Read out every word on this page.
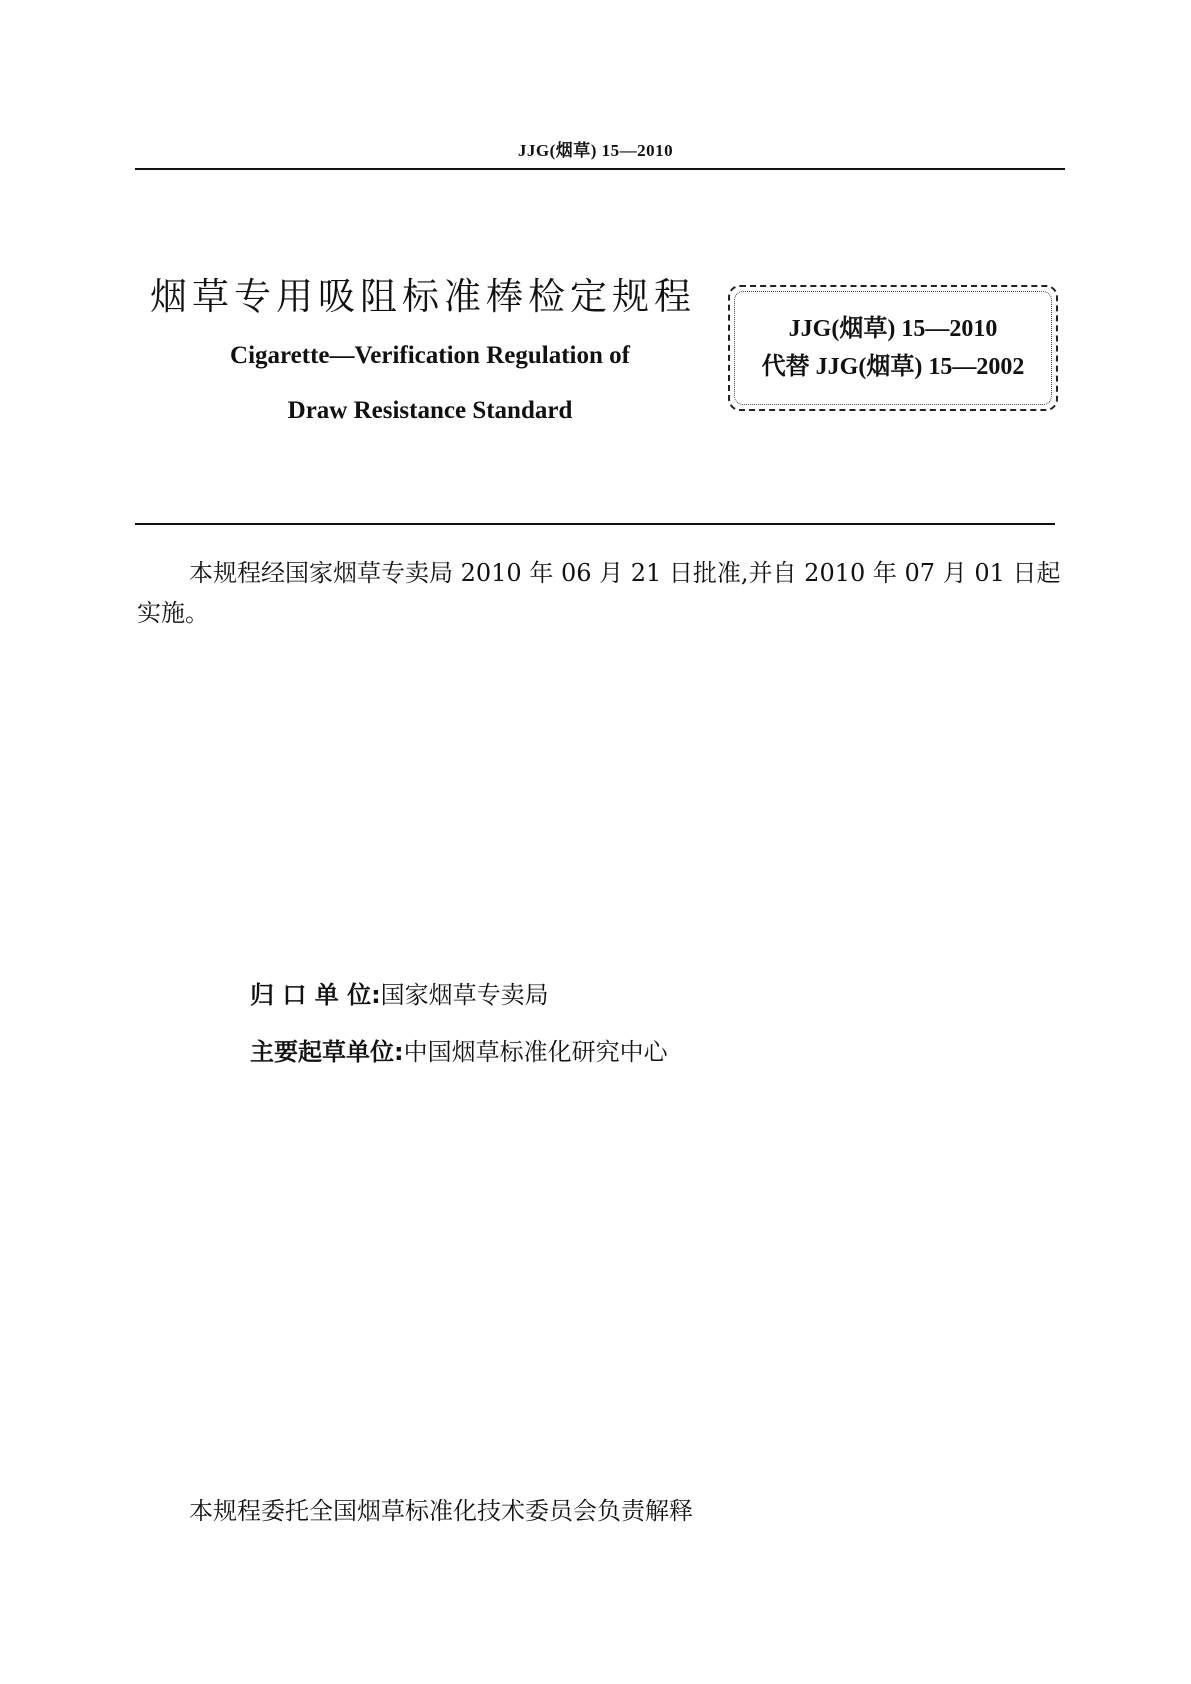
JJG(烟草) 15—2010
烟草专用吸阻标准棒检定规程
Cigarette—Verification Regulation of
Draw Resistance Standard
JJG(烟草) 15—2010
代替 JJG(烟草) 15—2002
本规程经国家烟草专卖局 2010 年 06 月 21 日批准,并自 2010 年 07 月 01 日起实施。
归 口 单 位:国家烟草专卖局
主要起草单位:中国烟草标准化研究中心
本规程委托全国烟草标准化技术委员会负责解释
